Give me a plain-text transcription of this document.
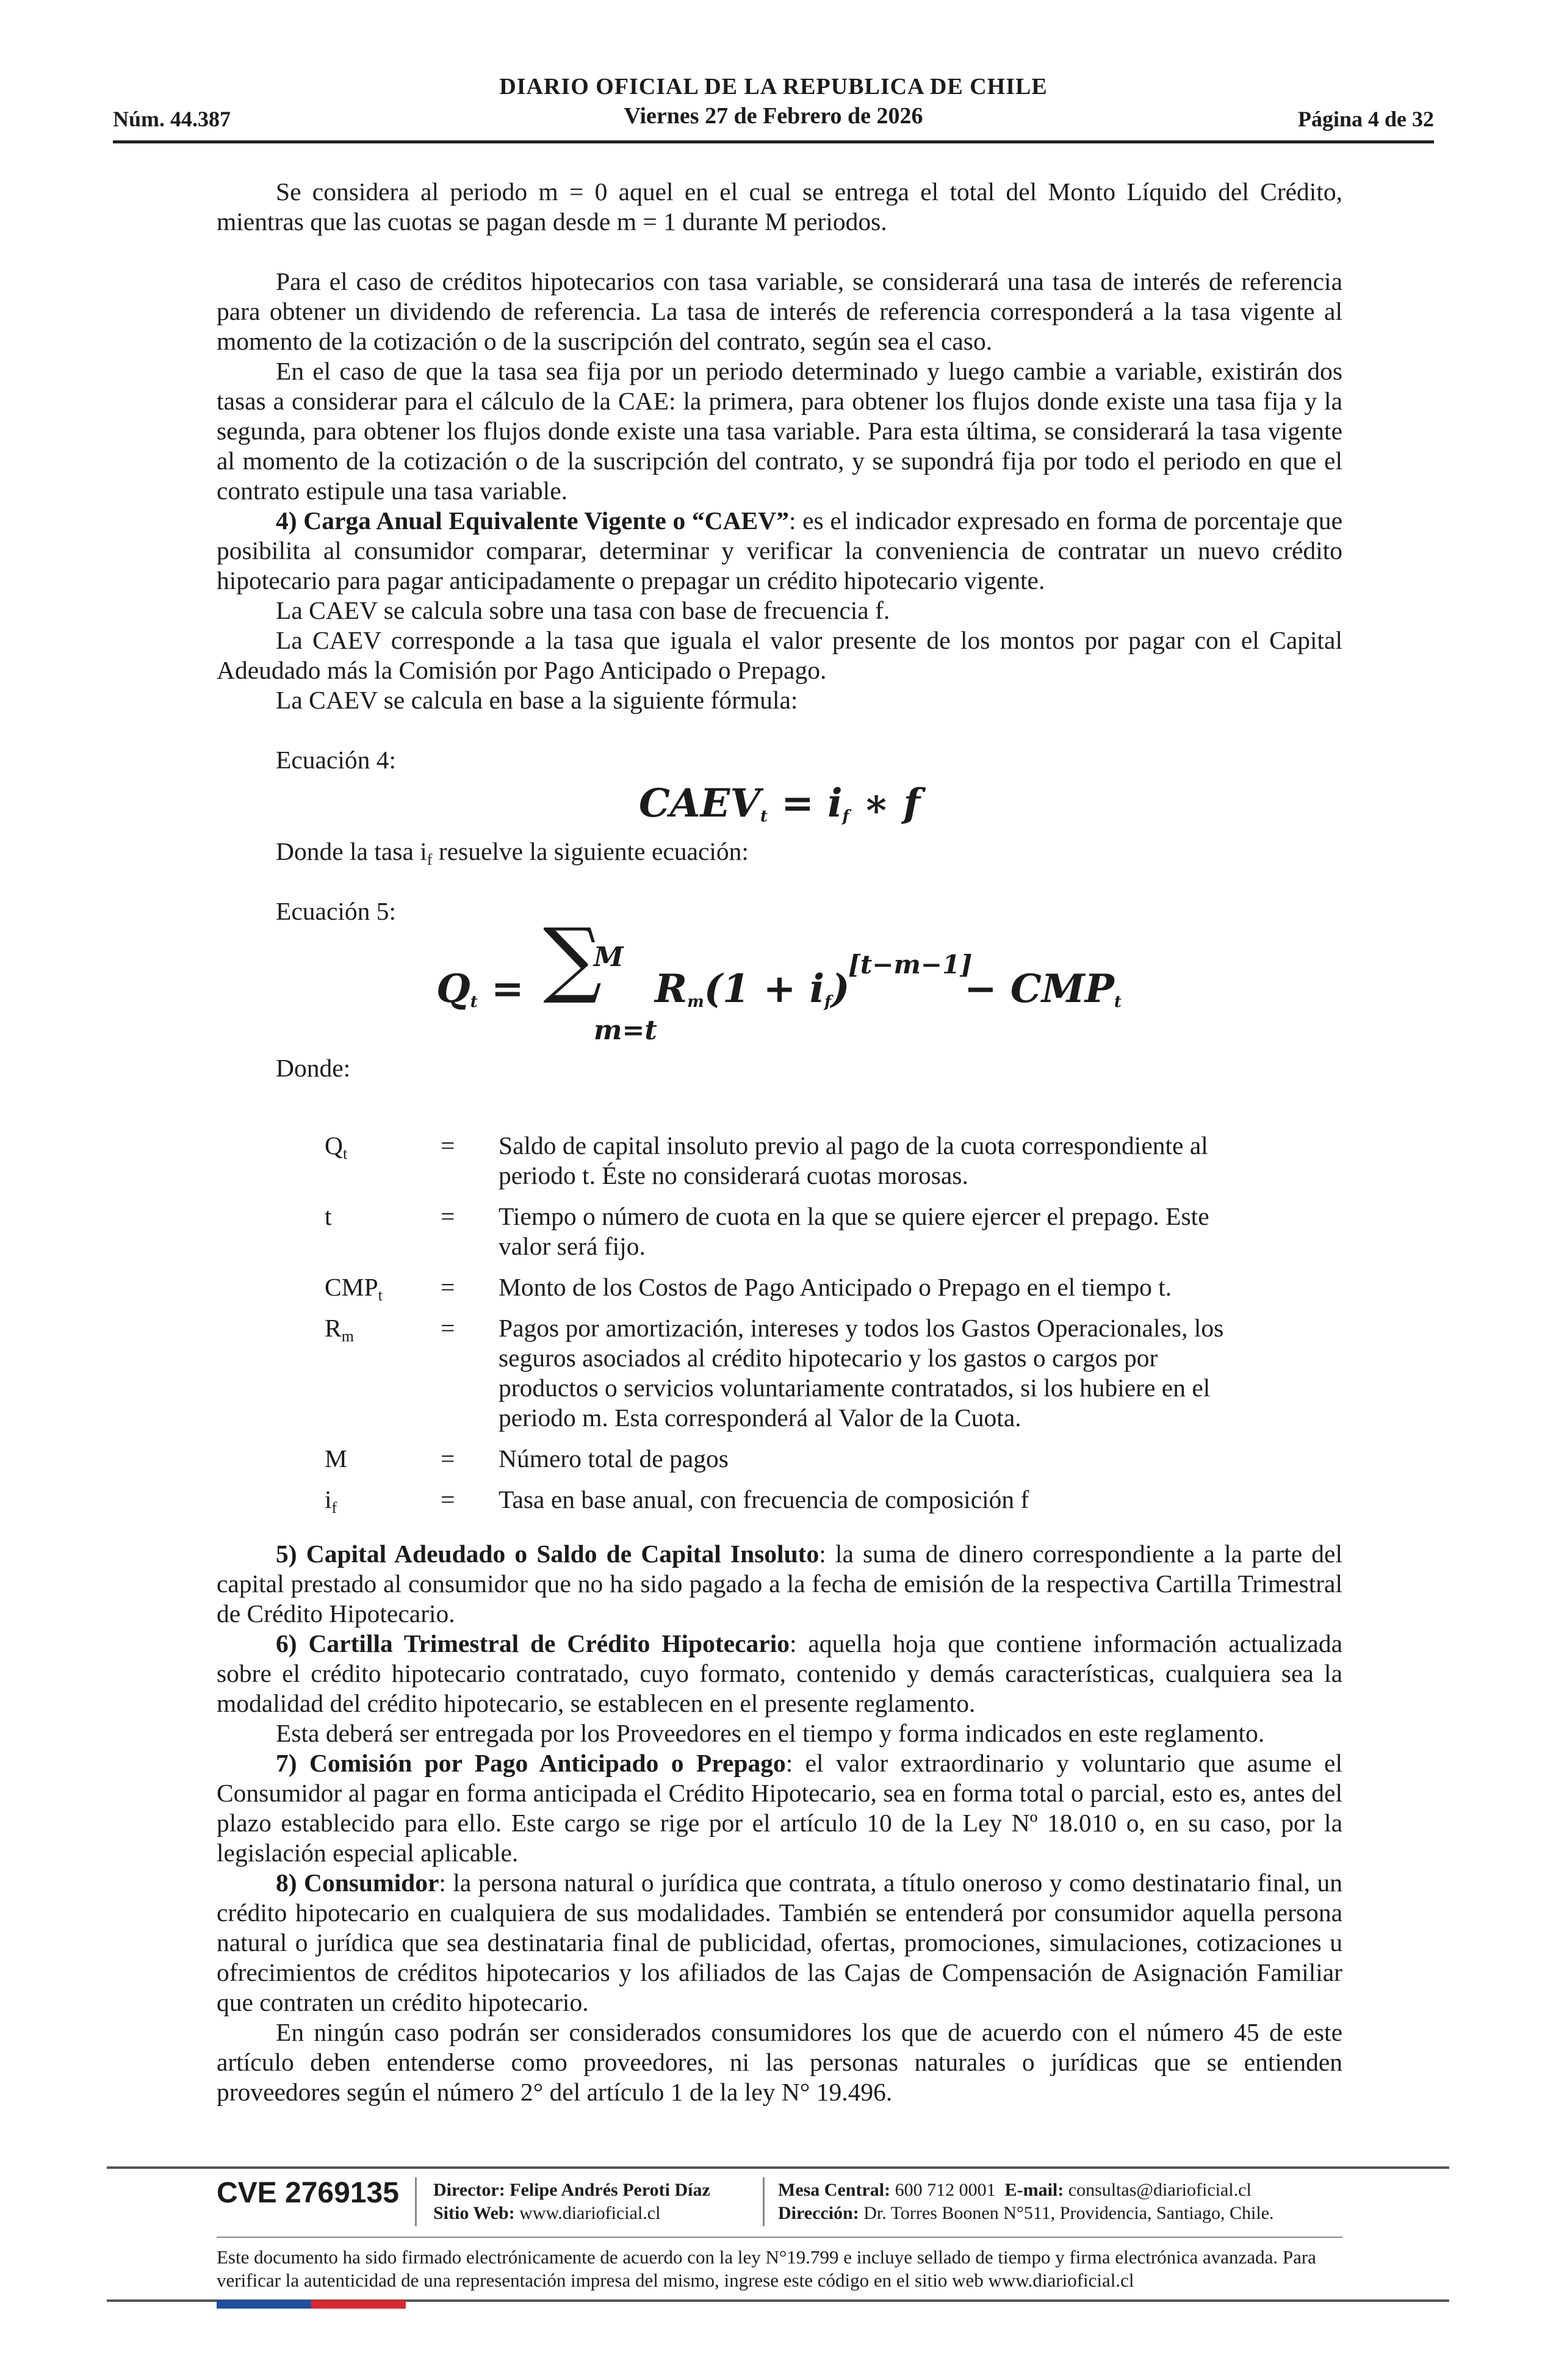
DIARIO OFICIAL DE LA REPUBLICA DE CHILE
Núm. 44.387	Viernes 27 de Febrero de 2026	Página 4 de 32

Se considera al periodo m = 0 aquel en el cual se entrega el total del Monto Líquido del Crédito, mientras que las cuotas se pagan desde m = 1 durante M periodos.

Para el caso de créditos hipotecarios con tasa variable, se considerará una tasa de interés de referencia para obtener un dividendo de referencia. La tasa de interés de referencia corresponderá a la tasa vigente al momento de la cotización o de la suscripción del contrato, según sea el caso.

En el caso de que la tasa sea fija por un periodo determinado y luego cambie a variable, existirán dos tasas a considerar para el cálculo de la CAE: la primera, para obtener los flujos donde existe una tasa fija y la segunda, para obtener los flujos donde existe una tasa variable. Para esta última, se considerará la tasa vigente al momento de la cotización o de la suscripción del contrato, y se supondrá fija por todo el periodo en que el contrato estipule una tasa variable.

4) Carga Anual Equivalente Vigente o “CAEV”: es el indicador expresado en forma de porcentaje que posibilita al consumidor comparar, determinar y verificar la conveniencia de contratar un nuevo crédito hipotecario para pagar anticipadamente o prepagar un crédito hipotecario vigente.

La CAEV se calcula sobre una tasa con base de frecuencia f.

La CAEV corresponde a la tasa que iguala el valor presente de los montos por pagar con el Capital Adeudado más la Comisión por Pago Anticipado o Prepago.

La CAEV se calcula en base a la siguiente fórmula:

Ecuación 4:

$CAEV_t = i_f$ ∗ f

Donde la tasa $i_f$ resuelve la siguiente ecuación:

Ecuación 5:

$Q_t$ = ∑
M
m=t
$R_m(1 + i_f)$
[t−m−1]
− $CMP_t$

Donde:

$Q_t$	=	Saldo de capital insoluto previo al pago de la cuota correspondiente al periodo t. Éste no considerará cuotas morosas.
t	=	Tiempo o número de cuota en la que se quiere ejercer el prepago. Este valor será fijo.
$CMP_t$	=	Monto de los Costos de Pago Anticipado o Prepago en el tiempo t.
$R_m$	=	Pagos por amortización, intereses y todos los Gastos Operacionales, los seguros asociados al crédito hipotecario y los gastos o cargos por productos o servicios voluntariamente contratados, si los hubiere en el periodo m. Esta corresponderá al Valor de la Cuota.
M	=	Número total de pagos
$i_f$	=	Tasa en base anual, con frecuencia de composición f

5) Capital Adeudado o Saldo de Capital Insoluto: la suma de dinero correspondiente a la parte del capital prestado al consumidor que no ha sido pagado a la fecha de emisión de la respectiva Cartilla Trimestral de Crédito Hipotecario.

6) Cartilla Trimestral de Crédito Hipotecario: aquella hoja que contiene información actualizada sobre el crédito hipotecario contratado, cuyo formato, contenido y demás características, cualquiera sea la modalidad del crédito hipotecario, se establecen en el presente reglamento.

Esta deberá ser entregada por los Proveedores en el tiempo y forma indicados en este reglamento.

7) Comisión por Pago Anticipado o Prepago: el valor extraordinario y voluntario que asume el Consumidor al pagar en forma anticipada el Crédito Hipotecario, sea en forma total o parcial, esto es, antes del plazo establecido para ello. Este cargo se rige por el artículo 10 de la Ley Nº 18.010 o, en su caso, por la legislación especial aplicable.

8) Consumidor: la persona natural o jurídica que contrata, a título oneroso y como destinatario final, un crédito hipotecario en cualquiera de sus modalidades. También se entenderá por consumidor aquella persona natural o jurídica que sea destinataria final de publicidad, ofertas, promociones, simulaciones, cotizaciones u ofrecimientos de créditos hipotecarios y los afiliados de las Cajas de Compensación de Asignación Familiar que contraten un crédito hipotecario.

En ningún caso podrán ser considerados consumidores los que de acuerdo con el número 45 de este artículo deben entenderse como proveedores, ni las personas naturales o jurídicas que se entienden proveedores según el número 2° del artículo 1 de la ley N° 19.496.

CVE 2769135 Director: Felipe Andrés Peroti Díaz
Sitio Web: www.diarioficial.cl
Mesa Central: 600 712 0001 E-mail: consultas@diarioficial.cl
Dirección: Dr. Torres Boonen N°511, Providencia, Santiago, Chile.
Este documento ha sido firmado electrónicamente de acuerdo con la ley N°19.799 e incluye sellado de tiempo y firma electrónica avanzada. Para verificar la autenticidad de una representación impresa del mismo, ingrese este código en el sitio web www.diarioficial.cl
